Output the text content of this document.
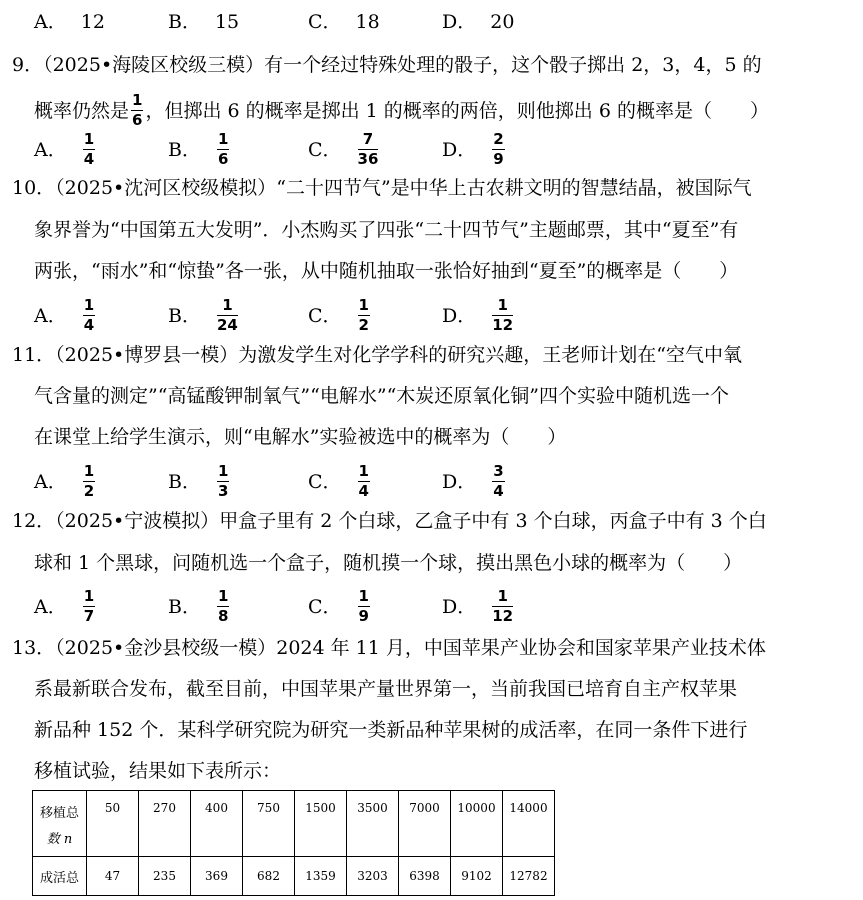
A． 12	B． 15	C． 18	D． 20
9．（2025•海陵区校级三模）有一个经过特殊处理的骰子，这个骰子掷出 2，3，4，5 的
概率仍然是 $\frac{1}{6}$ ，但掷出 6 的概率是掷出 1 的概率的两倍，则他掷出 6 的概率是（　　）
A． $\frac{1}{4}$	B． $\frac{1}{6}$	C． $\frac{7}{36}$	D． $\frac{2}{9}$
10．（2025•沈河区校级模拟）“二十四节气”是中华上古农耕文明的智慧结晶，被国际气
象界誉为“中国第五大发明”．小杰购买了四张“二十四节气”主题邮票，其中“夏至”有
两张，“雨水”和“惊蛰”各一张，从中随机抽取一张恰好抽到“夏至”的概率是（　　）
A． $\frac{1}{4}$	B． $\frac{1}{24}$	C． $\frac{1}{2}$	D． $\frac{1}{12}$
11．（2025•博罗县一模）为激发学生对化学学科的研究兴趣，王老师计划在“空气中氧
气含量的测定”“高锰酸钾制氧气”“电解水”“木炭还原氧化铜”四个实验中随机选一个
在课堂上给学生演示，则“电解水”实验被选中的概率为（　　）
A． $\frac{1}{2}$	B． $\frac{1}{3}$	C． $\frac{1}{4}$	D． $\frac{3}{4}$
12．（2025•宁波模拟）甲盒子里有 2 个白球，乙盒子中有 3 个白球，丙盒子中有 3 个白
球和 1 个黑球，问随机选一个盒子，随机摸一个球，摸出黑色小球的概率为（　　）
A． $\frac{1}{7}$	B． $\frac{1}{8}$	C． $\frac{1}{9}$	D． $\frac{1}{12}$
13．（2025•金沙县校级一模）2024 年 11 月，中国苹果产业协会和国家苹果产业技术体
系最新联合发布，截至目前，中国苹果产量世界第一，当前我国已培育自主产权苹果
新品种 152 个．某科学研究院为研究一类新品种苹果树的成活率，在同一条件下进行
移植试验，结果如下表所示：
移植总
数 n	50	270	400	750	1500	3500	7000	10000	14000
成活总	47	235	369	682	1359	3203	6398	9102	12782
